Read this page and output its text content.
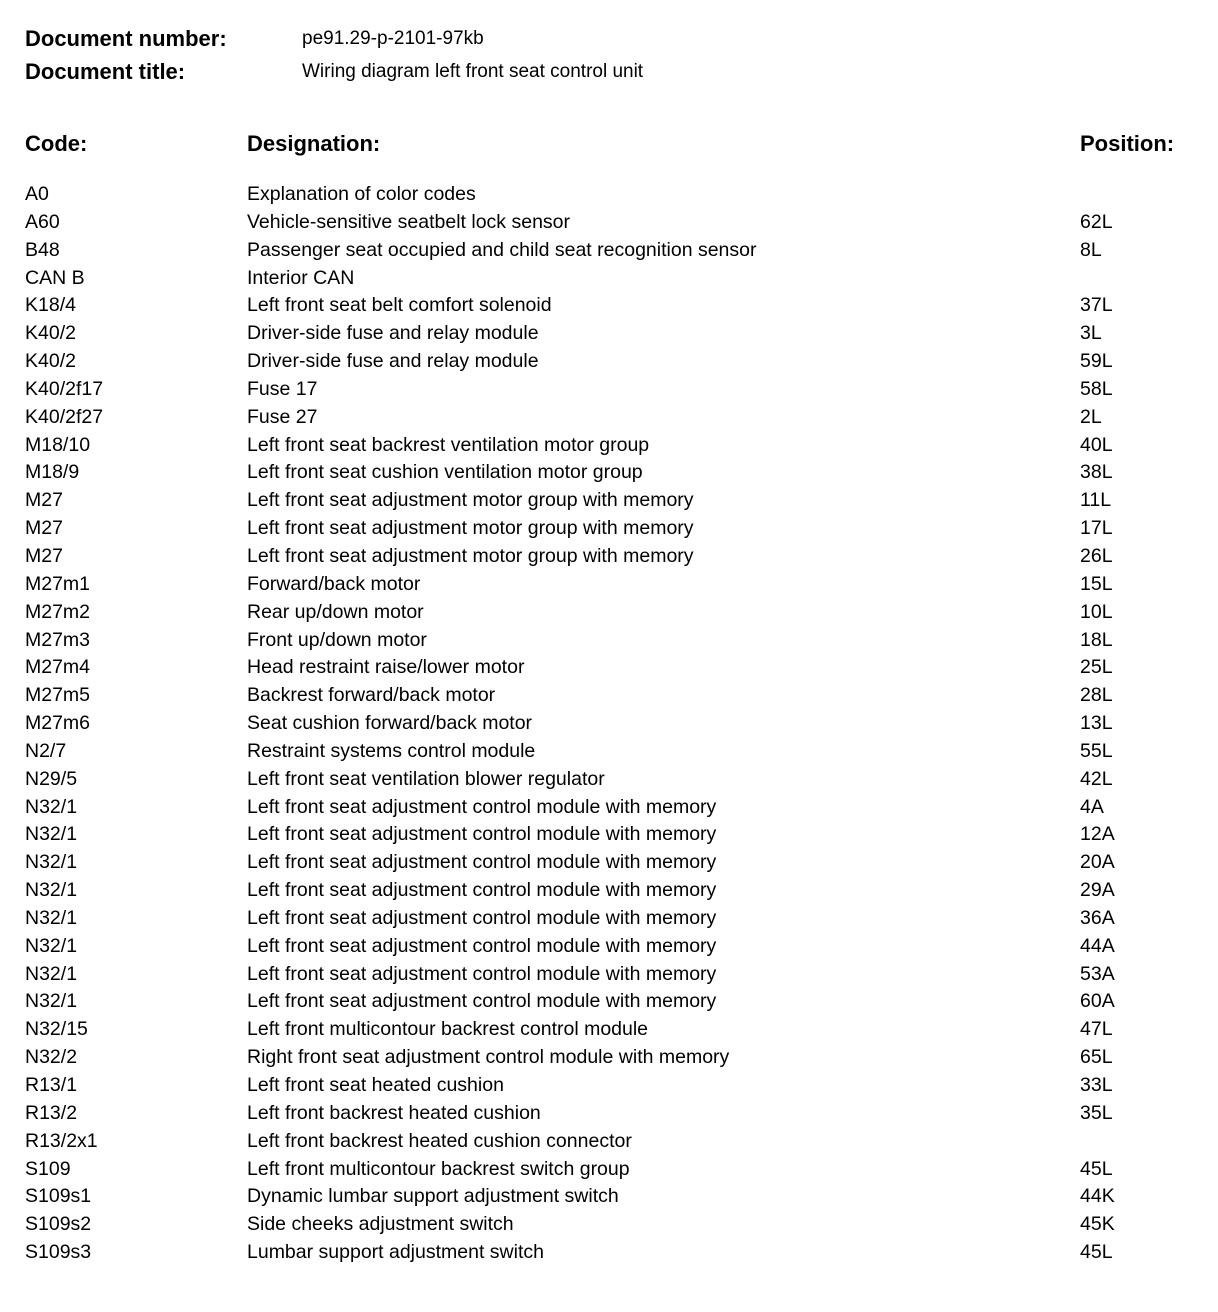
Document number:	pe91.29-p-2101-97kb
Document title:	Wiring diagram left front seat control unit
Code:	Designation:	Position:
A0	Explanation of color codes
A60	Vehicle-sensitive seatbelt lock sensor	62L
B48	Passenger seat occupied and child seat recognition sensor	8L
CAN B	Interior CAN
K18/4	Left front seat belt comfort solenoid	37L
K40/2	Driver-side fuse and relay module	3L
K40/2	Driver-side fuse and relay module	59L
K40/2f17	Fuse 17	58L
K40/2f27	Fuse 27	2L
M18/10	Left front seat backrest ventilation motor group	40L
M18/9	Left front seat cushion ventilation motor group	38L
M27	Left front seat adjustment motor group with memory	11L
M27	Left front seat adjustment motor group with memory	17L
M27	Left front seat adjustment motor group with memory	26L
M27m1	Forward/back motor	15L
M27m2	Rear up/down motor	10L
M27m3	Front up/down motor	18L
M27m4	Head restraint raise/lower motor	25L
M27m5	Backrest forward/back motor	28L
M27m6	Seat cushion forward/back motor	13L
N2/7	Restraint systems control module	55L
N29/5	Left front seat ventilation blower regulator	42L
N32/1	Left front seat adjustment control module with memory	4A
N32/1	Left front seat adjustment control module with memory	12A
N32/1	Left front seat adjustment control module with memory	20A
N32/1	Left front seat adjustment control module with memory	29A
N32/1	Left front seat adjustment control module with memory	36A
N32/1	Left front seat adjustment control module with memory	44A
N32/1	Left front seat adjustment control module with memory	53A
N32/1	Left front seat adjustment control module with memory	60A
N32/15	Left front multicontour backrest control module	47L
N32/2	Right front seat adjustment control module with memory	65L
R13/1	Left front seat heated cushion	33L
R13/2	Left front backrest heated cushion	35L
R13/2x1	Left front backrest heated cushion connector
S109	Left front multicontour backrest switch group	45L
S109s1	Dynamic lumbar support adjustment switch	44K
S109s2	Side cheeks adjustment switch	45K
S109s3	Lumbar support adjustment switch	45L
